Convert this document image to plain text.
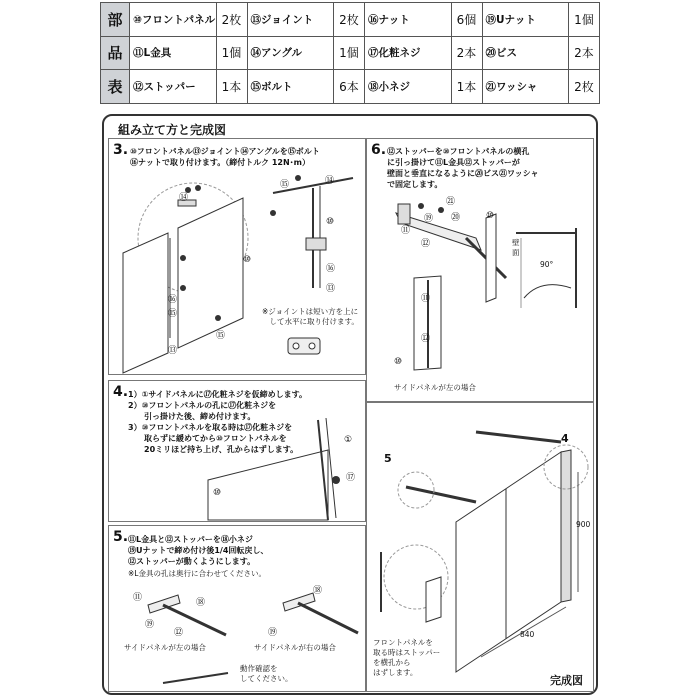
部	⑩フロントパネル	2枚	⑬ジョイント	2枚	⑯ナット	6個	⑲Uナット	1個
品	⑪L金具	1個	⑭アングル	1個	⑰化粧ネジ	2本	⑳ビス	2本
表	⑫ストッパー	1本	⑮ボルト	6本	⑱小ネジ	1本	㉑ワッシャ	2枚
組み立て方と完成図
3. ⑩フロントパネル⑬ジョイント⑭アングルを⑮ボルト
⑯ナットで取り付けます。（締付トルク 12N･m）
⑮	⑭
⑩
⑯
⑬
⑭
⑩
⑯
⑮
⑬
⑮
※ジョイントは短い方を上に
　して水平に取り付けます。
6. ⑫ストッパーを⑩フロントパネルの横孔
に引っ掛けて⑪L金具⑫ストッパーが
壁面と垂直になるように⑳ビス㉑ワッシャ
で固定します。
⑪
⑲
㉑
⑳	⑩
⑫
⑪
⑫
⑩
壁
面
90°
サイドパネルが左の場合
4. 1）①サイドパネルに⑰化粧ネジを仮締めします。
2）⑩フロントパネルの孔に⑰化粧ネジを
　　引っ掛けた後、締め付けます。
3）⑩フロントパネルを取る時は⑰化粧ネジを
　　取らずに緩めてから⑩フロントパネルを
　　20ミリほど持ち上げ、孔からはずします。
①
⑰
⑩
5. ⑪L金具と⑫ストッパーを⑱小ネジ
⑲Uナットで締め付け後1/4回転戻し、
⑫ストッパーが動くようにします。
※L金具の孔は奥行に合わせてください。
⑪	⑱
⑲
⑫	⑲
⑱
サイドパネルが左の場合	サイドパネルが右の場合
動作確認を
してください。
4
5
900
840
フロントパネルを
取る時はストッパー
を横孔から
はずします。
完成図
